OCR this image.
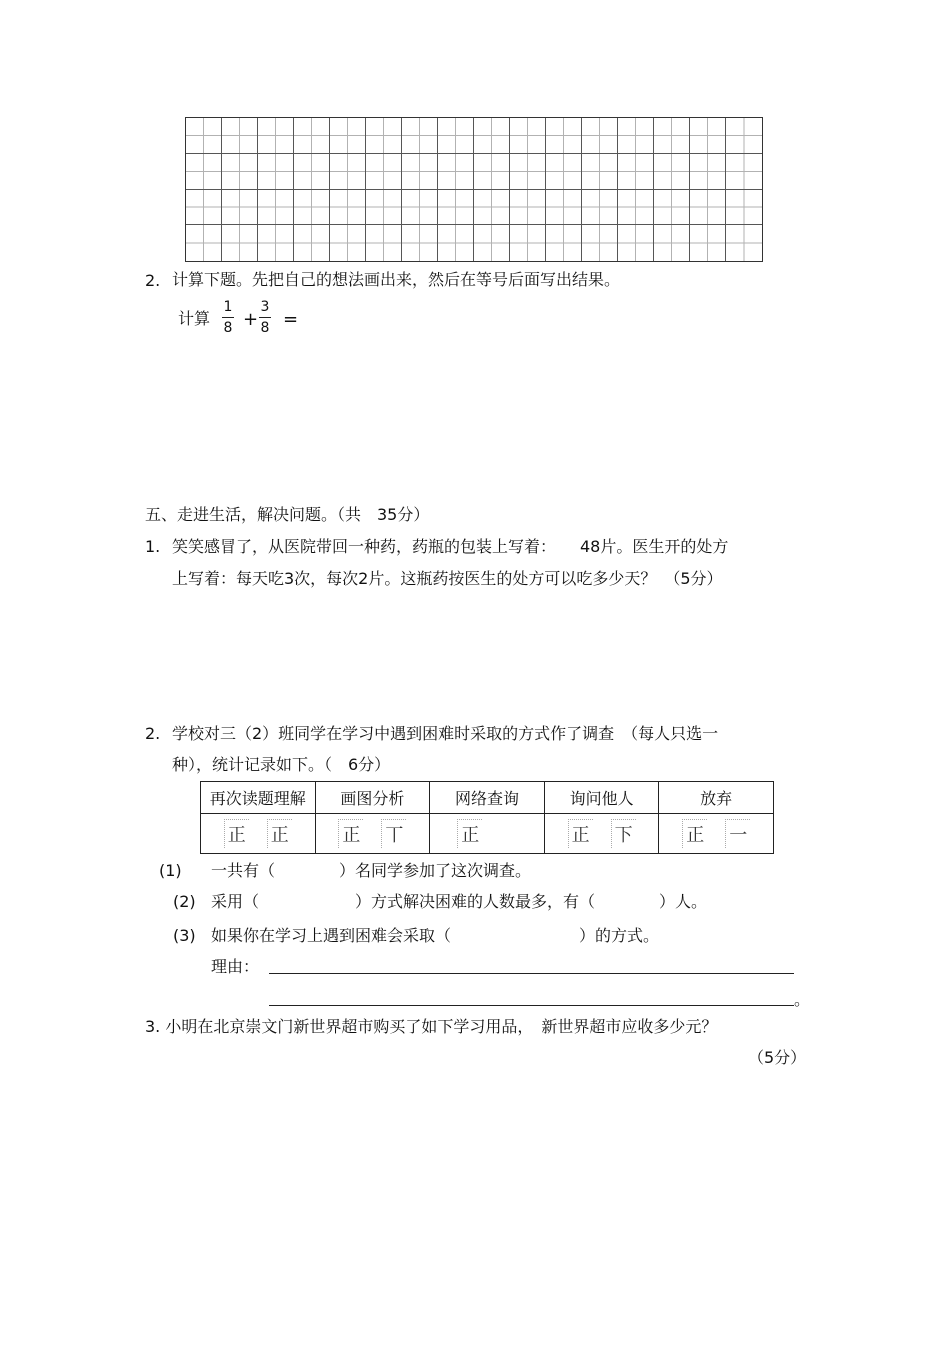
2. 计算下题。先把自己的想法画出来，然后在等号后面写出结果。
计算
1
8 +
3
8 =
五、走进生活，解决问题。（共　35分）
1. 笑笑感冒了，从医院带回一种药，药瓶的包装上写着：　　48片。医生开的处方
上写着：每天吃3次，每次2片。这瓶药按医生的处方可以吃多少天？　（5分）
2. 学校对三（2）班同学在学习中遇到困难时采取的方式作了调查　（每人只选一
种），统计记录如下。（　6分）
再次读题理解	画图分析	网络查询	询问他人	放弃
正 正	正 丅	正	正 下	正 一
(1) 一共有（　　　　）名同学参加了这次调查。
(2) 采用（　　　　　　）方式解决困难的人数最多，有（　　　　）人。
(3) 如果你在学习上遇到困难会采取（　　　　　　　　）的方式。
理由：
。
3. 小明在北京崇文门新世界超市购买了如下学习用品，　新世界超市应收多少元？
（5分）
